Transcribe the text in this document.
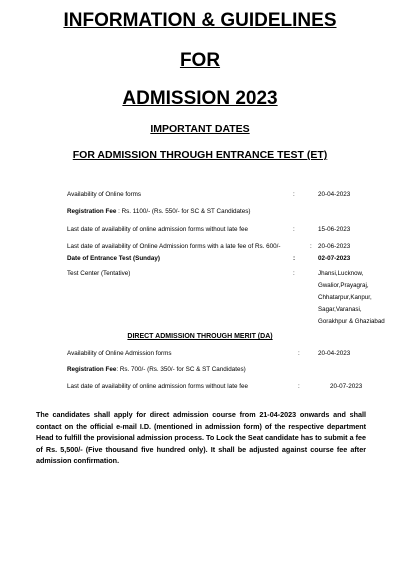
INFORMATION & GUIDELINES
FOR
ADMISSION 2023
IMPORTANT DATES
FOR ADMISSION THROUGH ENTRANCE TEST (ET)
Availability of Online forms	:	20-04-2023
Registration Fee : Rs. 1100/- (Rs. 550/- for SC & ST Candidates)
Last date of availability of online admission forms without late fee	:	15-06-2023
Last date of availability of Online Admission forms with a late fee of Rs. 600/-	: 20-06-2023
Date of Entrance Test (Sunday)	:	02-07-2023
Test Center (Tentative)	:	Jhansi,Lucknow,
Gwalior,Prayagraj,
Chhatarpur,Kanpur,
Sagar,Varanasi,
Gorakhpur & Ghaziabad
DIRECT ADMISSION THROUGH MERIT (DA)
Availability of Online Admission forms	:	20-04-2023
Registration Fee: Rs. 700/- (Rs. 350/- for SC & ST Candidates)
Last date of availability of online admission forms without late fee	:	20-07-2023
The candidates shall apply for direct admission course from 21-04-2023 onwards and shall contact on the official e-mail I.D. (mentioned in admission form) of the respective department Head to fulfill the provisional admission process. To Lock the Seat candidate has to submit a fee of Rs. 5,500/- (Five thousand five hundred only). It shall be adjusted against course fee after admission confirmation.
